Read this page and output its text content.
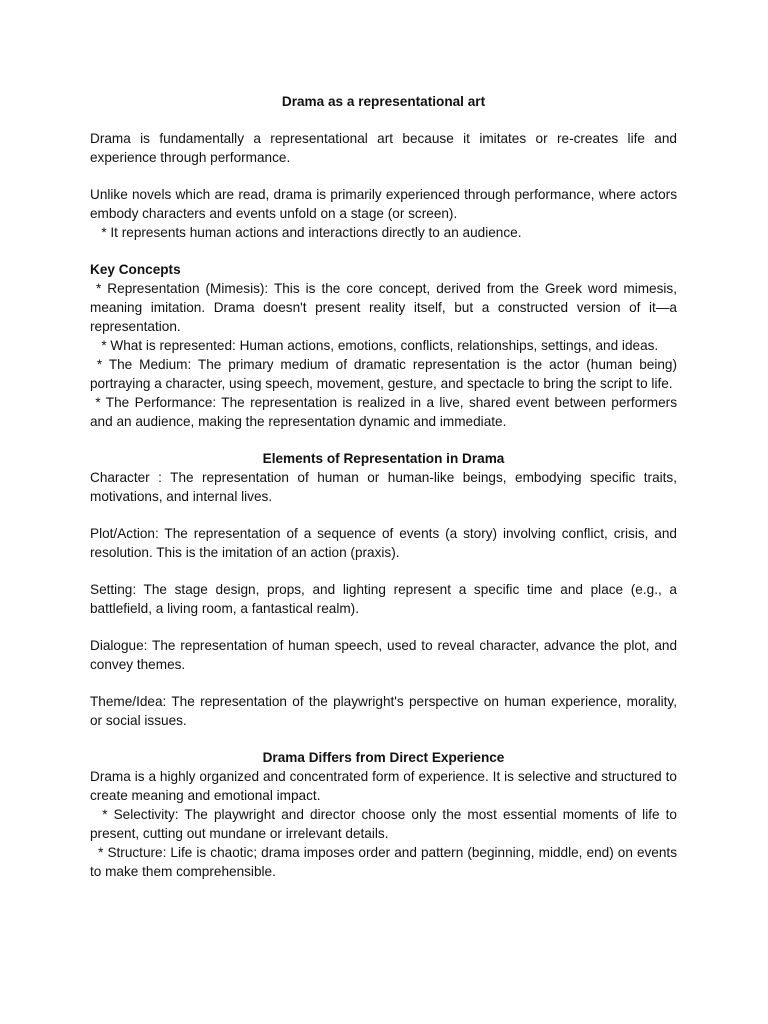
Drama as a representational art

Drama is fundamentally a representational art because it imitates or re-creates life and experience through performance.

Unlike novels which are read, drama is primarily experienced through performance, where actors embody characters and events unfold on a stage (or screen).

* It represents human actions and interactions directly to an audience.

Key Concepts

* Representation (Mimesis): This is the core concept, derived from the Greek word mimesis, meaning imitation. Drama doesn't present reality itself, but a constructed version of it—a representation.

* What is represented: Human actions, emotions, conflicts, relationships, settings, and ideas.

* The Medium: The primary medium of dramatic representation is the actor (human being) portraying a character, using speech, movement, gesture, and spectacle to bring the script to life.

* The Performance: The representation is realized in a live, shared event between performers and an audience, making the representation dynamic and immediate.

Elements of Representation in Drama

Character : The representation of human or human-like beings, embodying specific traits, motivations, and internal lives.

Plot/Action: The representation of a sequence of events (a story) involving conflict, crisis, and resolution. This is the imitation of an action (praxis).

Setting: The stage design, props, and lighting represent a specific time and place (e.g., a battlefield, a living room, a fantastical realm).

Dialogue: The representation of human speech, used to reveal character, advance the plot, and convey themes.

Theme/Idea: The representation of the playwright's perspective on human experience, morality, or social issues.

Drama Differs from Direct Experience

Drama is a highly organized and concentrated form of experience. It is selective and structured to create meaning and emotional impact.

* Selectivity: The playwright and director choose only the most essential moments of life to present, cutting out mundane or irrelevant details.

* Structure: Life is chaotic; drama imposes order and pattern (beginning, middle, end) on events to make them comprehensible.
